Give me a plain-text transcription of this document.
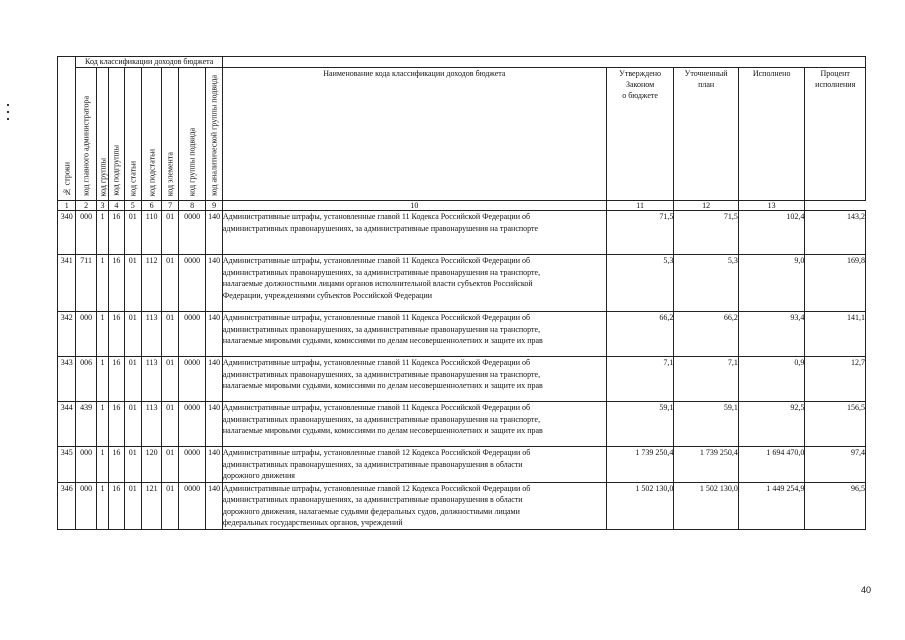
№ строки	Код классификации доходов бюджета												

	код главного администратора	код группы	код подгруппы	код статьи	код подстатьи	код элемента	код группы подвида	код аналитической группы подвида	Наименование кода классификации доходов бюджета	Утверждено
Законом
о бюджете	Уточненный
план	Исполнено	Процент
исполнения
1	2	3	4	5	6	7	8	9	10	11	12	13	
340	000	1	16	01	110	01	0000	140	Административные штрафы, установленные главой 11 Кодекса Российской Федерации об
административных правонарушениях, за административные правонарушения на транспорте	71,5	71,5	102,4	143,2
341	711	1	16	01	112	01	0000	140	Административные штрафы, установленные главой 11 Кодекса Российской Федерации об
административных правонарушениях, за административные правонарушения на транспорте,
налагаемые должностными лицами органов исполнительной власти субъектов Российской
Федерации, учреждениями субъектов Российской Федерации	5,3	5,3	9,0	169,8
342	000	1	16	01	113	01	0000	140	Административные штрафы, установленные главой 11 Кодекса Российской Федерации об
административных правонарушениях, за административные правонарушения на транспорте,
налагаемые мировыми судьями, комиссиями по делам несовершеннолетних и защите их прав	66,2	66,2	93,4	141,1
343	006	1	16	01	113	01	0000	140	Административные штрафы, установленные главой 11 Кодекса Российской Федерации об
административных правонарушениях, за административные правонарушения на транспорте,
налагаемые мировыми судьями, комиссиями по делам несовершеннолетних и защите их прав	7,1	7,1	0,9	12,7
344	439	1	16	01	113	01	0000	140	Административные штрафы, установленные главой 11 Кодекса Российской Федерации об
административных правонарушениях, за административные правонарушения на транспорте,
налагаемые мировыми судьями, комиссиями по делам несовершеннолетних и защите их прав	59,1	59,1	92,5	156,5
345	000	1	16	01	120	01	0000	140	Административные штрафы, установленные главой 12 Кодекса Российской Федерации об
административных правонарушениях, за административные правонарушения в области
дорожного движения	1 739 250,4	1 739 250,4	1 694 470,0	97,4
346	000	1	16	01	121	01	0000	140	Административные штрафы, установленные главой 12 Кодекса Российской Федерации об
административных правонарушениях, за административные правонарушения в области
дорожного движения, налагаемые судьями федеральных судов, должностными лицами
федеральных государственных органов, учреждений	1 502 130,0	1 502 130,0	1 449 254,9	96,5
40
